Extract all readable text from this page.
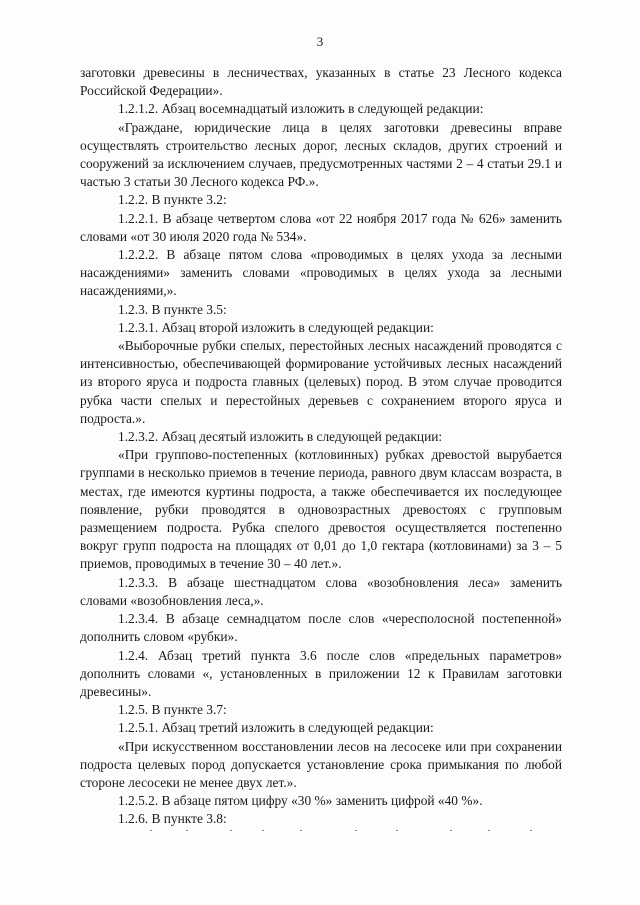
3

заготовки древесины в лесничествах, указанных в статье 23 Лесного кодекса Российской Федерации».

1.2.1.2. Абзац восемнадцатый изложить в следующей редакции:

«Граждане, юридические лица в целях заготовки древесины вправе осуществлять строительство лесных дорог, лесных складов, других строений и сооружений за исключением случаев, предусмотренных частями 2 – 4 статьи 29.1 и частью 3 статьи 30 Лесного кодекса РФ.».

1.2.2. В пункте 3.2:

1.2.2.1. В абзаце четвертом слова «от 22 ноября 2017 года № 626» заменить словами «от 30 июля 2020 года № 534».

1.2.2.2. В абзаце пятом слова «проводимых в целях ухода за лесными насаждениями» заменить словами «проводимых в целях ухода за лесными насаждениями,».

1.2.3. В пункте 3.5:

1.2.3.1. Абзац второй изложить в следующей редакции:

«Выборочные рубки спелых, перестойных лесных насаждений проводятся с интенсивностью, обеспечивающей формирование устойчивых лесных насаждений из второго яруса и подроста главных (целевых) пород. В этом случае проводится рубка части спелых и перестойных деревьев с сохранением второго яруса и подроста.».

1.2.3.2. Абзац десятый изложить в следующей редакции:

«При группово-постепенных (котловинных) рубках древостой вырубается группами в несколько приемов в течение периода, равного двум классам возраста, в местах, где имеются куртины подроста, а также обеспечивается их последующее появление, рубки проводятся в одновозрастных древостоях с групповым размещением подроста. Рубка спелого древостоя осуществляется постепенно вокруг групп подроста на площадях от 0,01 до 1,0 гектара (котловинами) за 3 – 5 приемов, проводимых в течение 30 – 40 лет.».

1.2.3.3. В абзаце шестнадцатом слова «возобновления леса» заменить словами «возобновления леса,».

1.2.3.4. В абзаце семнадцатом после слов «чересполосной постепенной» дополнить словом «рубки».

1.2.4. Абзац третий пункта 3.6 после слов «предельных параметров» дополнить словами «, установленных в приложении 12 к Правилам заготовки древесины».

1.2.5. В пункте 3.7:

1.2.5.1. Абзац третий изложить в следующей редакции:

«При искусственном восстановлении лесов на лесосеке или при сохранении подроста целевых пород допускается установление срока примыкания по любой стороне лесосеки не менее двух лет.».

1.2.5.2. В абзаце пятом цифру «30 %» заменить цифрой «40 %».

1.2.6. В пункте 3.8:
